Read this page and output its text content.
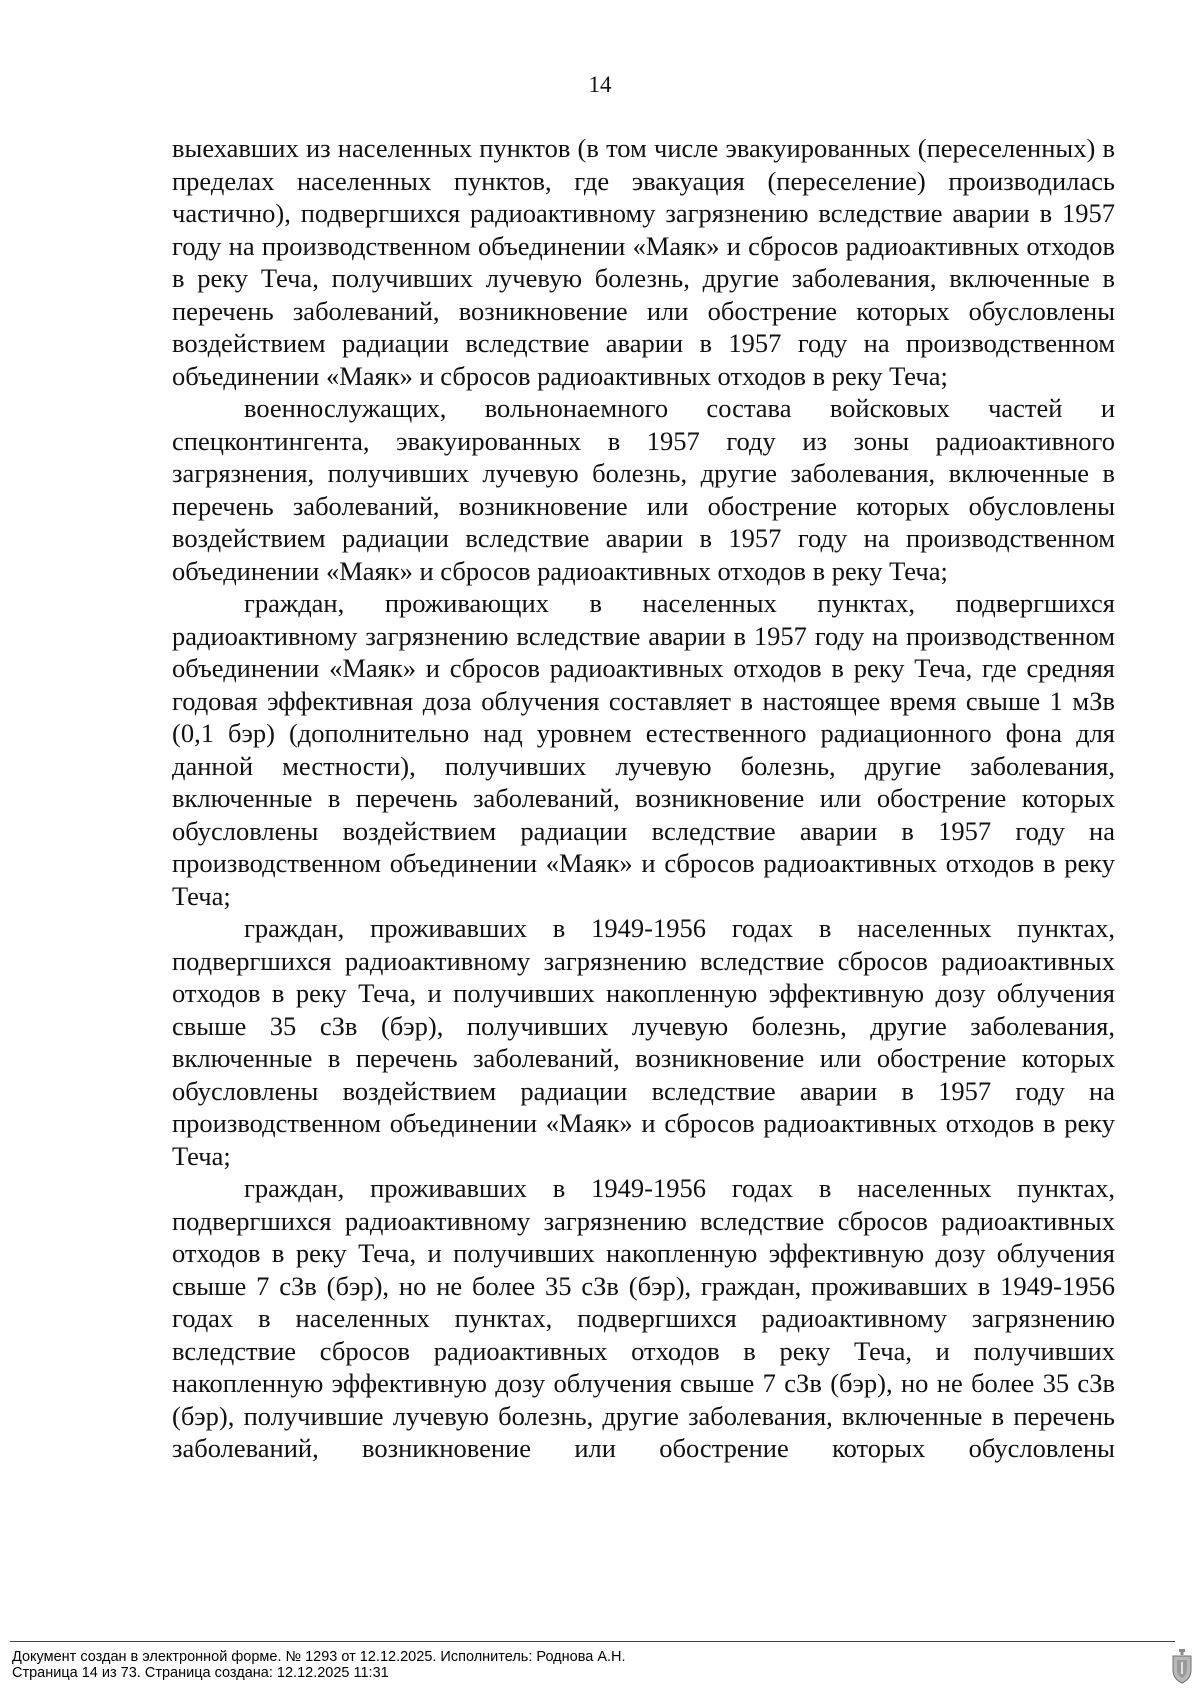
14

выехавших из населенных пунктов (в том числе эвакуированных (переселенных) в пределах населенных пунктов, где эвакуация (переселение) производилась частично), подвергшихся радиоактивному загрязнению вследствие аварии в 1957 году на производственном объединении «Маяк» и сбросов радиоактивных отходов в реку Теча, получивших лучевую болезнь, другие заболевания, включенные в перечень заболеваний, возникновение или обострение которых обусловлены воздействием радиации вследствие аварии в 1957 году на производственном объединении «Маяк» и сбросов радиоактивных отходов в реку Теча;

военнослужащих, вольнонаемного состава войсковых частей и спецконтингента, эвакуированных в 1957 году из зоны радиоактивного загрязнения, получивших лучевую болезнь, другие заболевания, включенные в перечень заболеваний, возникновение или обострение которых обусловлены воздействием радиации вследствие аварии в 1957 году на производственном объединении «Маяк» и сбросов радиоактивных отходов в реку Теча;

граждан, проживающих в населенных пунктах, подвергшихся радиоактивному загрязнению вследствие аварии в 1957 году на производственном объединении «Маяк» и сбросов радиоактивных отходов в реку Теча, где средняя годовая эффективная доза облучения составляет в настоящее время свыше 1 мЗв (0,1 бэр) (дополнительно над уровнем естественного радиационного фона для данной местности), получивших лучевую болезнь, другие заболевания, включенные в перечень заболеваний, возникновение или обострение которых обусловлены воздействием радиации вследствие аварии в 1957 году на производственном объединении «Маяк» и сбросов радиоактивных отходов в реку Теча;

граждан, проживавших в 1949-1956 годах в населенных пунктах, подвергшихся радиоактивному загрязнению вследствие сбросов радиоактивных отходов в реку Теча, и получивших накопленную эффективную дозу облучения свыше 35 сЗв (бэр), получивших лучевую болезнь, другие заболевания, включенные в перечень заболеваний, возникновение или обострение которых обусловлены воздействием радиации вследствие аварии в 1957 году на производственном объединении «Маяк» и сбросов радиоактивных отходов в реку Теча;

граждан, проживавших в 1949-1956 годах в населенных пунктах, подвергшихся радиоактивному загрязнению вследствие сбросов радиоактивных отходов в реку Теча, и получивших накопленную эффективную дозу облучения свыше 7 сЗв (бэр), но не более 35 сЗв (бэр), граждан, проживавших в 1949-1956 годах в населенных пунктах, подвергшихся радиоактивному загрязнению вследствие сбросов радиоактивных отходов в реку Теча, и получивших накопленную эффективную дозу облучения свыше 7 сЗв (бэр), но не более 35 сЗв (бэр), получившие лучевую болезнь, другие заболевания, включенные в перечень заболеваний, возникновение или обострение которых обусловлены

Документ создан в электронной форме. № 1293 от 12.12.2025. Исполнитель: Роднова А.Н.
Страница 14 из 73. Страница создана: 12.12.2025 11:31
